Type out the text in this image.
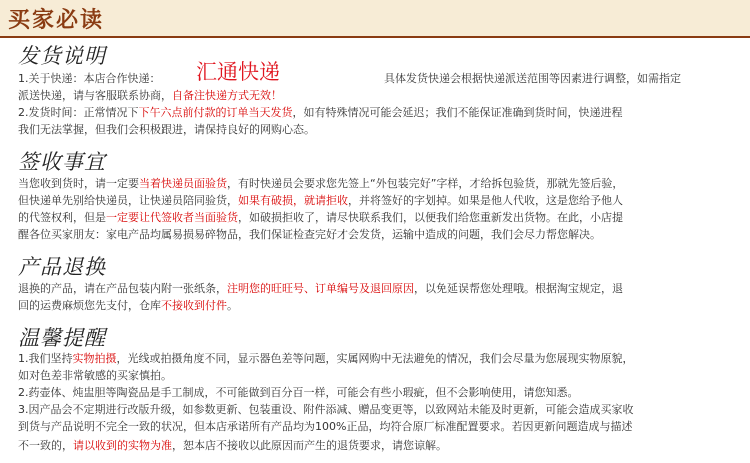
买家必读
发货说明
汇通快递
1.关于快递：本店合作快递：	具体发货快递会根据快递派送范围等因素进行调整，如需指定
派送快递，请与客服联系协商，自备注快递方式无效！
2.发货时间：正常情况下下午六点前付款的订单当天发货，如有特殊情况可能会延迟；我们不能保证准确到货时间，快递进程
我们无法掌握，但我们会积极跟进，请保持良好的网购心态。
签收事宜
当您收到货时，请一定要当着快递员面验货，有时快递员会要求您先签上“外包装完好”字样，才给拆包验货，那就先签后验，
但快递单先别给快递员，让快递员陪同验货，如果有破损，就请拒收，并将签好的字划掉。如果是他人代收，这是您给予他人
的代签权利，但是一定要让代签收者当面验货，如破损拒收了，请尽快联系我们，以便我们给您重新发出货物。在此，小店提
醒各位买家朋友：家电产品均属易损易碎物品，我们保证检查完好才会发货，运输中造成的问题，我们会尽力帮您解决。
产品退换
退换的产品，请在产品包装内附一张纸条，注明您的旺旺号、订单编号及退回原因，以免延误帮您处理哦。根据淘宝规定，退
回的运费麻烦您先支付，仓库不接收到付件。
温馨提醒
1.我们坚持实物拍摄，光线或拍摄角度不同，显示器色差等问题，实属网购中无法避免的情况，我们会尽量为您展现实物原貌，
如对色差非常敏感的买家慎拍。
2.药壶体、炖盅胆等陶瓷品是手工制成，不可能做到百分百一样，可能会有些小瑕疵，但不会影响使用，请您知悉。
3.因产品会不定期进行改版升级，如参数更新、包装重设、附件添减、赠品变更等，以致网站未能及时更新，可能会造成买家收
到货与产品说明不完全一致的状况，但本店承诺所有产品均为100%正品，均符合原厂标准配置要求。若因更新问题造成与描述
不一致的，请以收到的实物为准，恕本店不接收以此原因而产生的退货要求，请您谅解。
